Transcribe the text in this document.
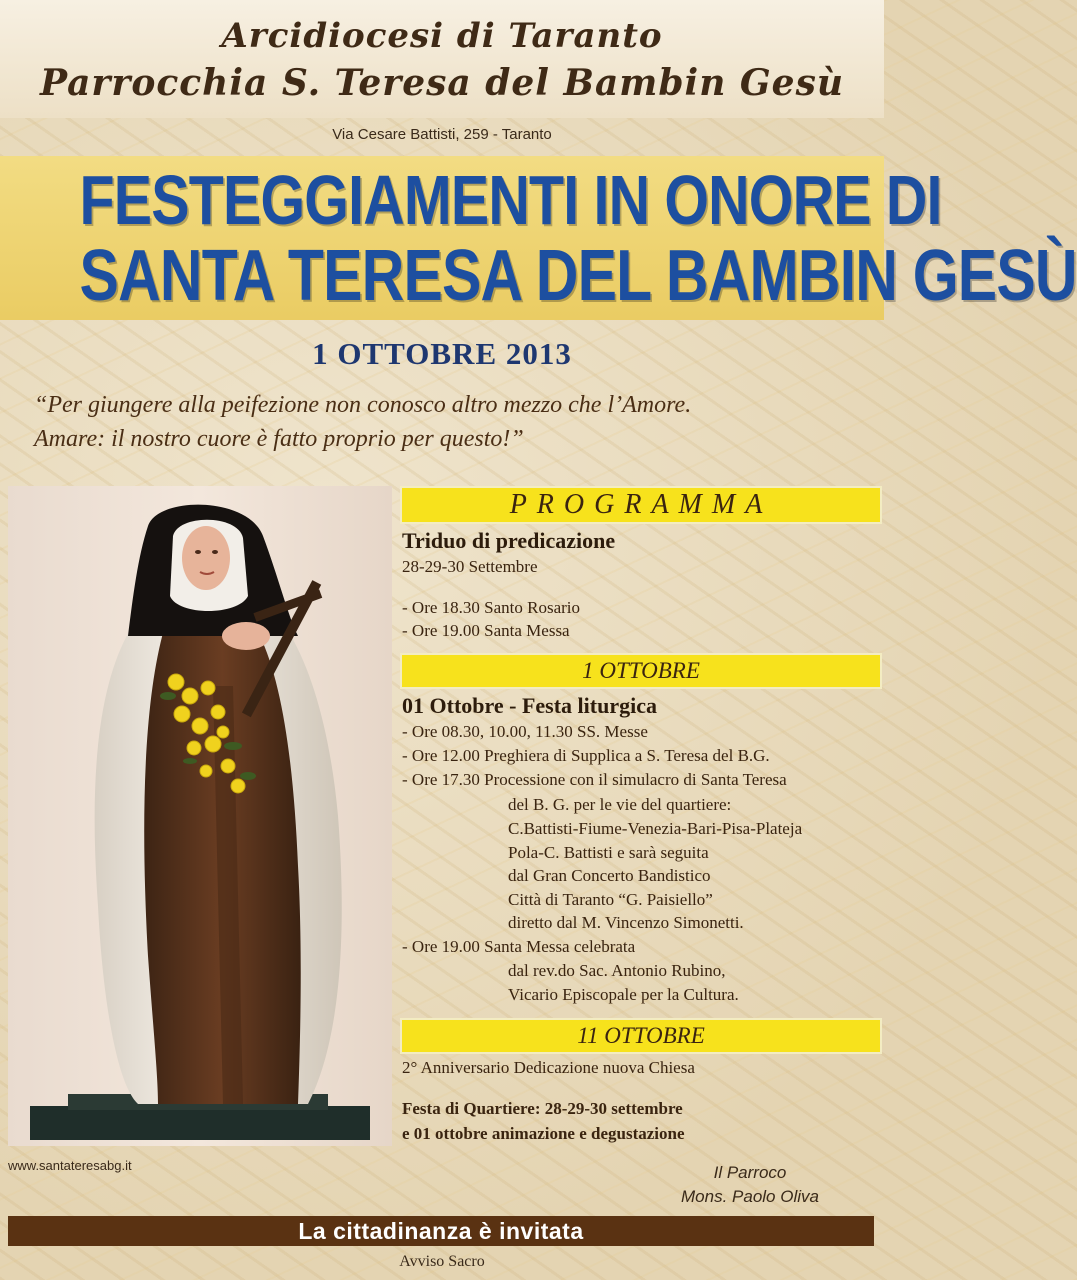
Arcidiocesi di Taranto
Parrocchia S. Teresa del Bambin Gesù
Via Cesare Battisti, 259 - Taranto
FESTEGGIAMENTI IN ONORE DI
SANTA TERESA DEL BAMBIN GESÙ
1 OTTOBRE 2013
“Per giungere alla peifezione non conosco altro mezzo che l’Amore.
Amare: il nostro cuore è fatto proprio per questo!”
PROGRAMMA
Triduo di predicazione
28-29-30 Settembre
- Ore 18.30 Santo Rosario
- Ore 19.00 Santa Messa
1 OTTOBRE
01 Ottobre - Festa liturgica
- Ore 08.30, 10.00, 11.30 SS. Messe
- Ore 12.00 Preghiera di Supplica a S. Teresa del B.G.
- Ore 17.30 Processione con il simulacro di Santa Teresa
del B. G. per le vie del quartiere:
C.Battisti-Fiume-Venezia-Bari-Pisa-Plateja
Pola-C. Battisti e sarà seguita
dal Gran Concerto Bandistico
Città di Taranto “G. Paisiello”
diretto dal M. Vincenzo Simonetti.
- Ore 19.00 Santa Messa celebrata
dal rev.do Sac. Antonio Rubino,
Vicario Episcopale per la Cultura.
11 OTTOBRE
2° Anniversario Dedicazione nuova Chiesa
Festa di Quartiere: 28-29-30 settembre
e 01 ottobre animazione e degustazione
www.santateresabg.it	Il Parroco
Mons. Paolo Oliva
La cittadinanza è invitata
Avviso Sacro
